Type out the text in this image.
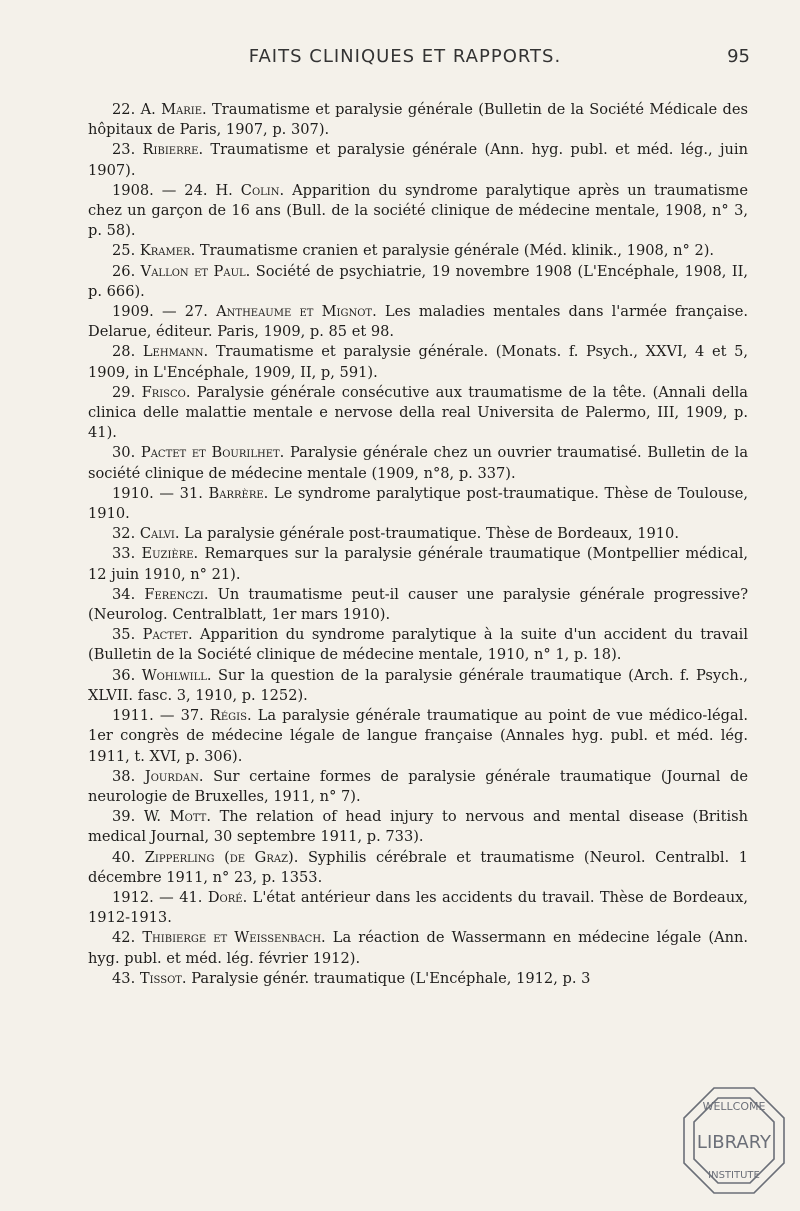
FAITS CLINIQUES ET RAPPORTS.	95

22. A. Marie. Traumatisme et paralysie générale (Bulletin de la Société Médicale des hôpitaux de Paris, 1907, p. 307).

23. Ribierre. Traumatisme et paralysie générale (Ann. hyg. publ. et méd. lég., juin 1907).

1908. — 24. H. Colin. Apparition du syndrome paralytique après un traumatisme chez un garçon de 16 ans (Bull. de la société clinique de médecine mentale, 1908, n° 3, p. 58).

25. Kramer. Traumatisme cranien et paralysie générale (Méd. klinik., 1908, n° 2).

26. Vallon et Paul. Société de psychiatrie, 19 novembre 1908 (L'Encéphale, 1908, II, p. 666).

1909. — 27. Antheaume et Mignot. Les maladies mentales dans l'armée française. Delarue, éditeur. Paris, 1909, p. 85 et 98.

28. Lehmann. Traumatisme et paralysie générale. (Monats. f. Psych., XXVI, 4 et 5, 1909, in L'Encéphale, 1909, II, p, 591).

29. Frisco. Paralysie générale consécutive aux traumatisme de la tête. (Annali della clinica delle malattie mentale e nervose della real Universita de Palermo, III, 1909, p. 41).

30. Pactet et Bourilhet. Paralysie générale chez un ouvrier traumatisé. Bulletin de la société clinique de médecine mentale (1909, n°8, p. 337).

1910. — 31. Barrère. Le syndrome paralytique post-traumatique. Thèse de Toulouse, 1910.

32. Calvi. La paralysie générale post-traumatique. Thèse de Bordeaux, 1910.

33. Euzière. Remarques sur la paralysie générale traumatique (Montpellier médical, 12 juin 1910, n° 21).

34. Ferenczi. Un traumatisme peut-il causer une paralysie générale progressive? (Neurolog. Centralblatt, 1er mars 1910).

35. Pactet. Apparition du syndrome paralytique à la suite d'un accident du travail (Bulletin de la Société clinique de médecine mentale, 1910, n° 1, p. 18).

36. Wohlwill. Sur la question de la paralysie générale traumatique (Arch. f. Psych., XLVII. fasc. 3, 1910, p. 1252).

1911. — 37. Régis. La paralysie générale traumatique au point de vue médico-légal. 1er congrès de médecine légale de langue française (Annales hyg. publ. et méd. lég. 1911, t. XVI, p. 306).

38. Jourdan. Sur certaine formes de paralysie générale traumatique (Journal de neurologie de Bruxelles, 1911, n° 7).

39. W. Mott. The relation of head injury to nervous and mental disease (British medical Journal, 30 septembre 1911, p. 733).

40. Zipperling (de Graz). Syphilis cérébrale et traumatisme (Neurol. Centralbl. 1 décembre 1911, n° 23, p. 1353.

1912. — 41. Doré. L'état antérieur dans les accidents du travail. Thèse de Bordeaux, 1912-1913.

42. Thibierge et Weissenbach. La réaction de Wassermann en médecine légale (Ann. hyg. publ. et méd. lég. février 1912).

43. Tissot. Paralysie génér. traumatique (L'Encéphale, 1912, p. 3

WELLCOME
LIBRARY
INSTITUTE
